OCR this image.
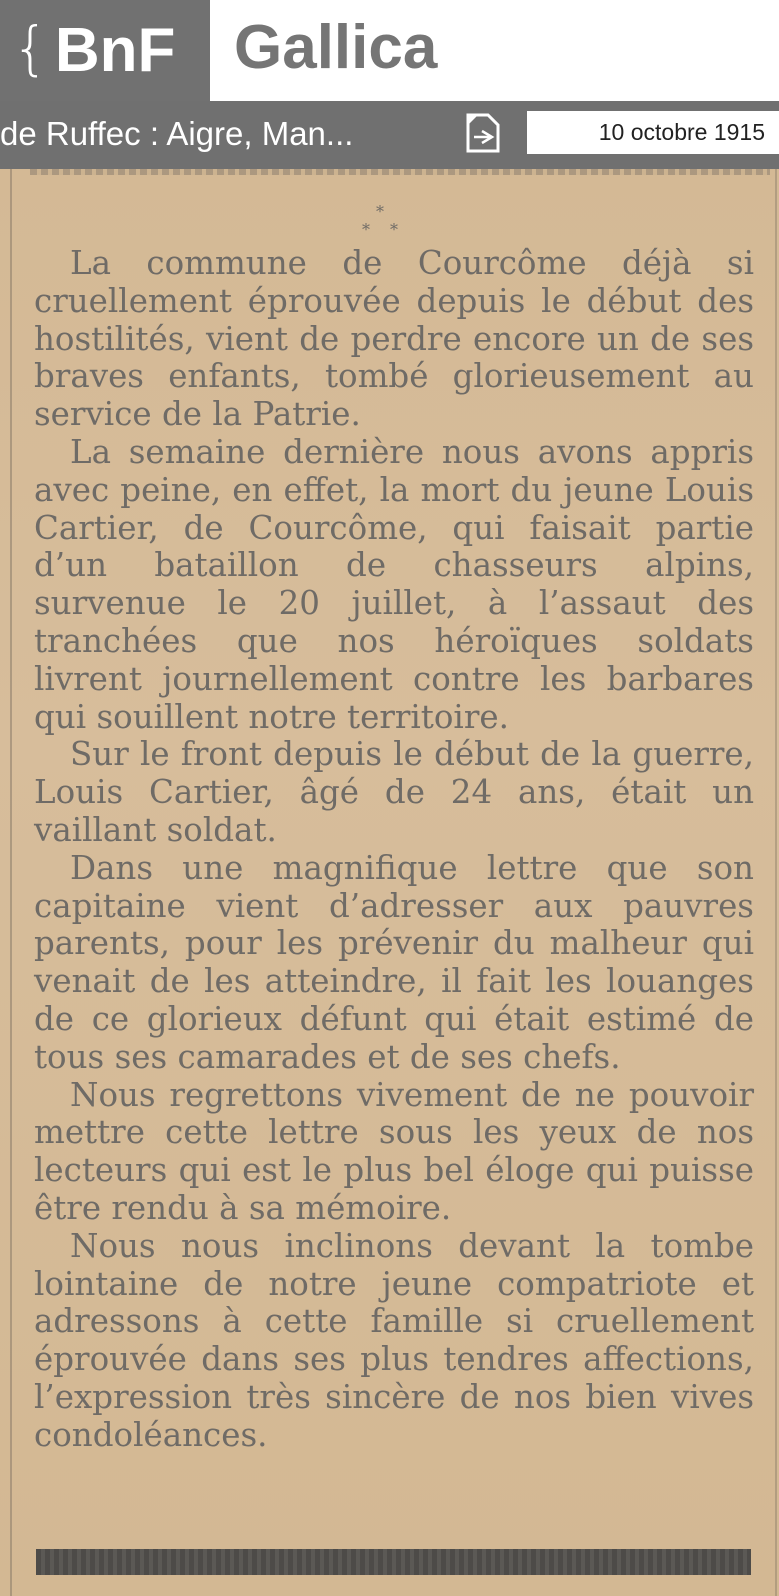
{ BnF Gallica
de Ruffec : Aigre, Man...	10 octobre 1915
*
* *

La commune de Courcôme déjà si cruellement éprouvée depuis le début des hostilités, vient de perdre encore un de ses braves enfants, tombé glorieusement au service de la Patrie.

La semaine dernière nous avons appris avec peine, en effet, la mort du jeune Louis Cartier, de Courcôme, qui faisait partie d’un bataillon de chasseurs alpins, survenue le 20 juillet, à l’assaut des tranchées que nos héroïques soldats livrent journellement contre les barbares qui souillent notre territoire.

Sur le front depuis le début de la guerre, Louis Cartier, âgé de 24 ans, était un vaillant soldat.

Dans une magnifique lettre que son capitaine vient d’adresser aux pauvres parents, pour les prévenir du malheur qui venait de les atteindre, il fait les louanges de ce glorieux défunt qui était estimé de tous ses camarades et de ses chefs.

Nous regrettons vivement de ne pouvoir mettre cette lettre sous les yeux de nos lecteurs qui est le plus bel éloge qui puisse être rendu à sa mémoire.

Nous nous inclinons devant la tombe lointaine de notre jeune compatriote et adressons à cette famille si cruellement éprouvée dans ses plus tendres affections, l’expression très sincère de nos bien vives condoléances.
